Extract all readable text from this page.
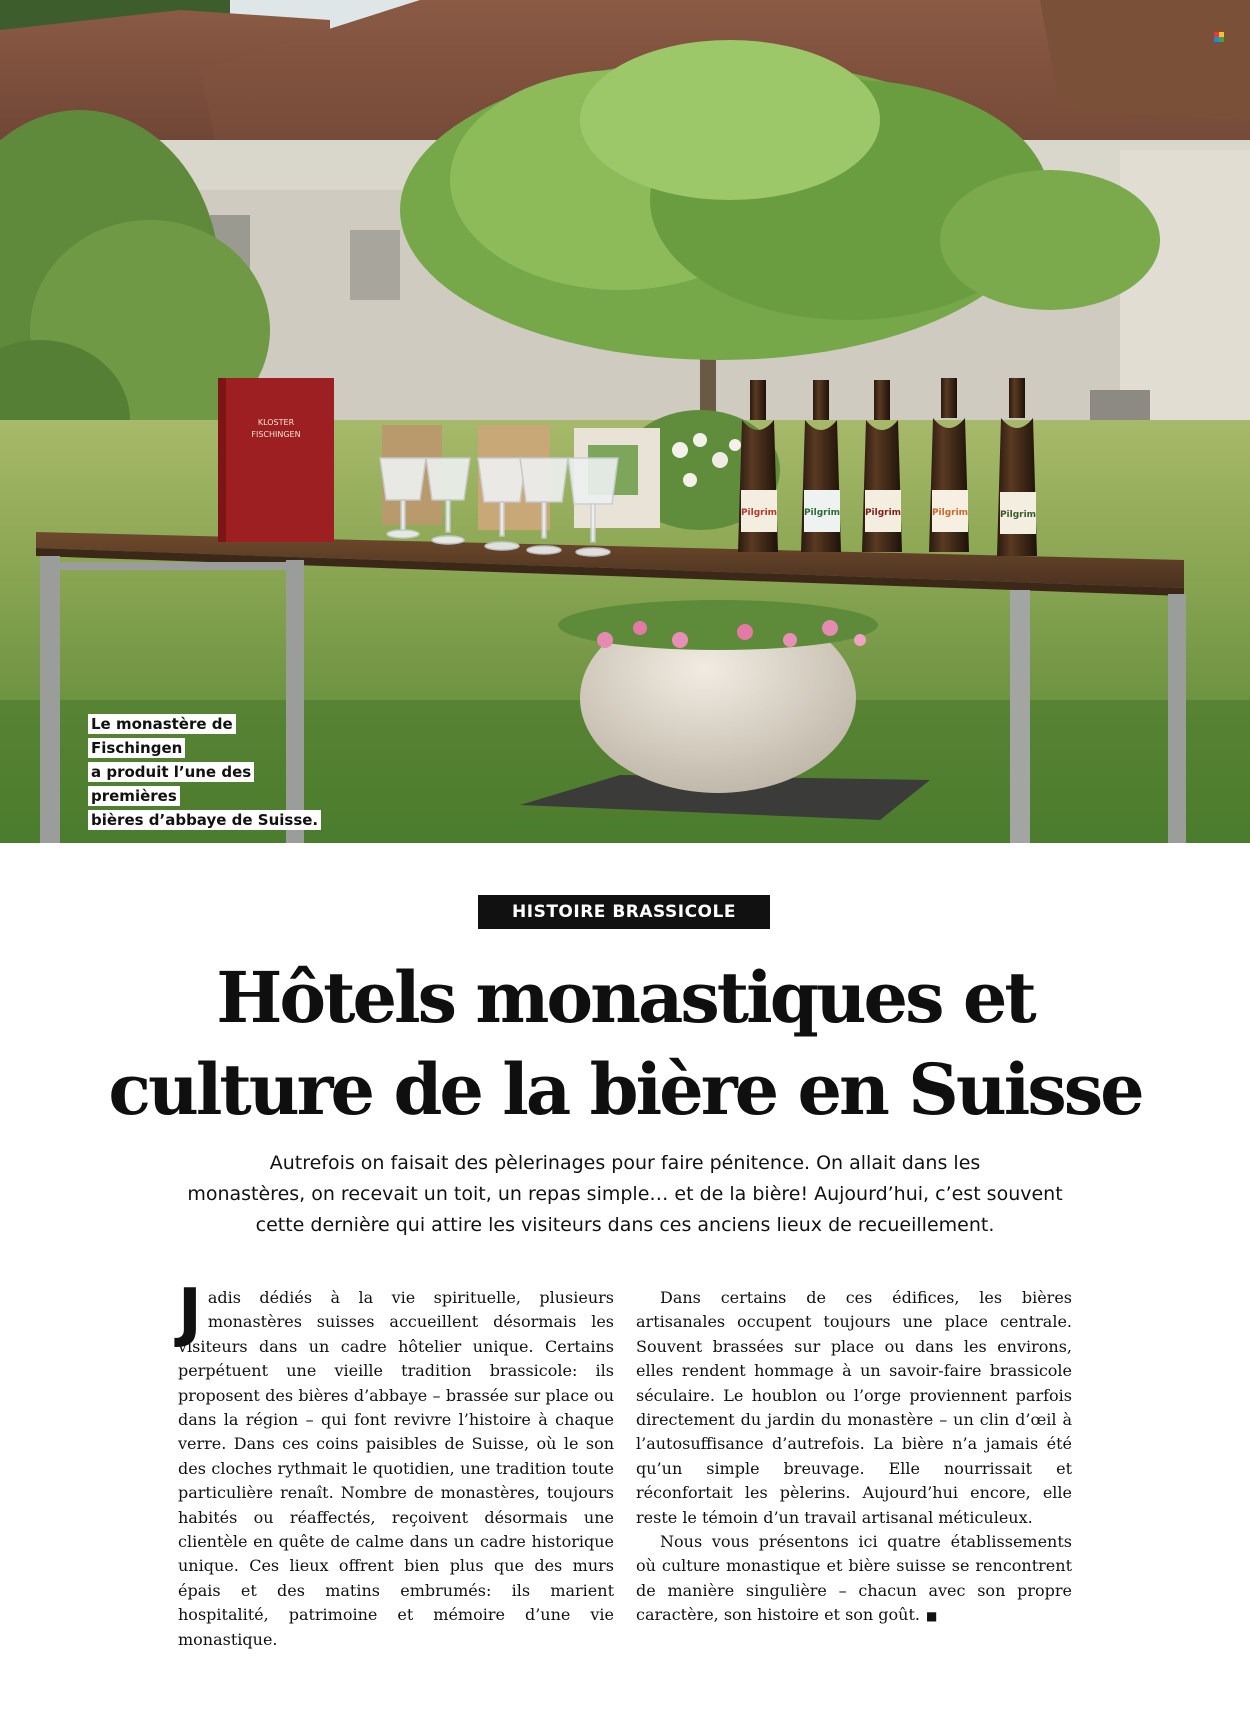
KLOSTER
FISCHINGEN
Pilgrim	Pilgrim	Pilgrim	Pilgrim	Pilgrim
Le monastère de Fischingen
a produit l’une des premières
bières d’abbaye de Suisse.
HISTOIRE BRASSICOLE
Hôtels monastiques et
culture de la bière en Suisse

Autrefois on faisait des pèlerinages pour faire pénitence. On allait dans les
monastères, on recevait un toit, un repas simple… et de la bière! Aujourd’hui, c’est souvent
cette dernière qui attire les visiteurs dans ces anciens lieux de recueillement.

Jadis dédiés à la vie spirituelle, plusieurs monastères suisses accueillent désormais les visiteurs dans un cadre hôtelier unique. Certains perpétuent une vieille tradition brassicole: ils proposent des bières d’abbaye – brassée sur place ou dans la région – qui font revivre l’histoire à chaque verre. Dans ces coins paisibles de Suisse, où le son des cloches rythmait le quotidien, une tradition toute particulière renaît. Nombre de monastères, toujours habités ou réaffectés, reçoivent désormais une clientèle en quête de calme dans un cadre historique unique. Ces lieux offrent bien plus que des murs épais et des matins embrumés: ils marient hospitalité, patrimoine et mémoire d’une vie monastique.

Dans certains de ces édifices, les bières artisanales occupent toujours une place centrale. Souvent brassées sur place ou dans les environs, elles rendent hommage à un savoir-faire brassicole séculaire. Le houblon ou l’orge proviennent parfois directement du jardin du monastère – un clin d’œil à l’autosuffisance d’autrefois. La bière n’a jamais été qu’un simple breuvage. Elle nourrissait et réconfortait les pèlerins. Aujourd’hui encore, elle reste le témoin d’un travail artisanal méticuleux.

Nous vous présentons ici quatre établissements où culture monastique et bière suisse se rencontrent de manière singulière – chacun avec son propre caractère, son histoire et son goût. ■
